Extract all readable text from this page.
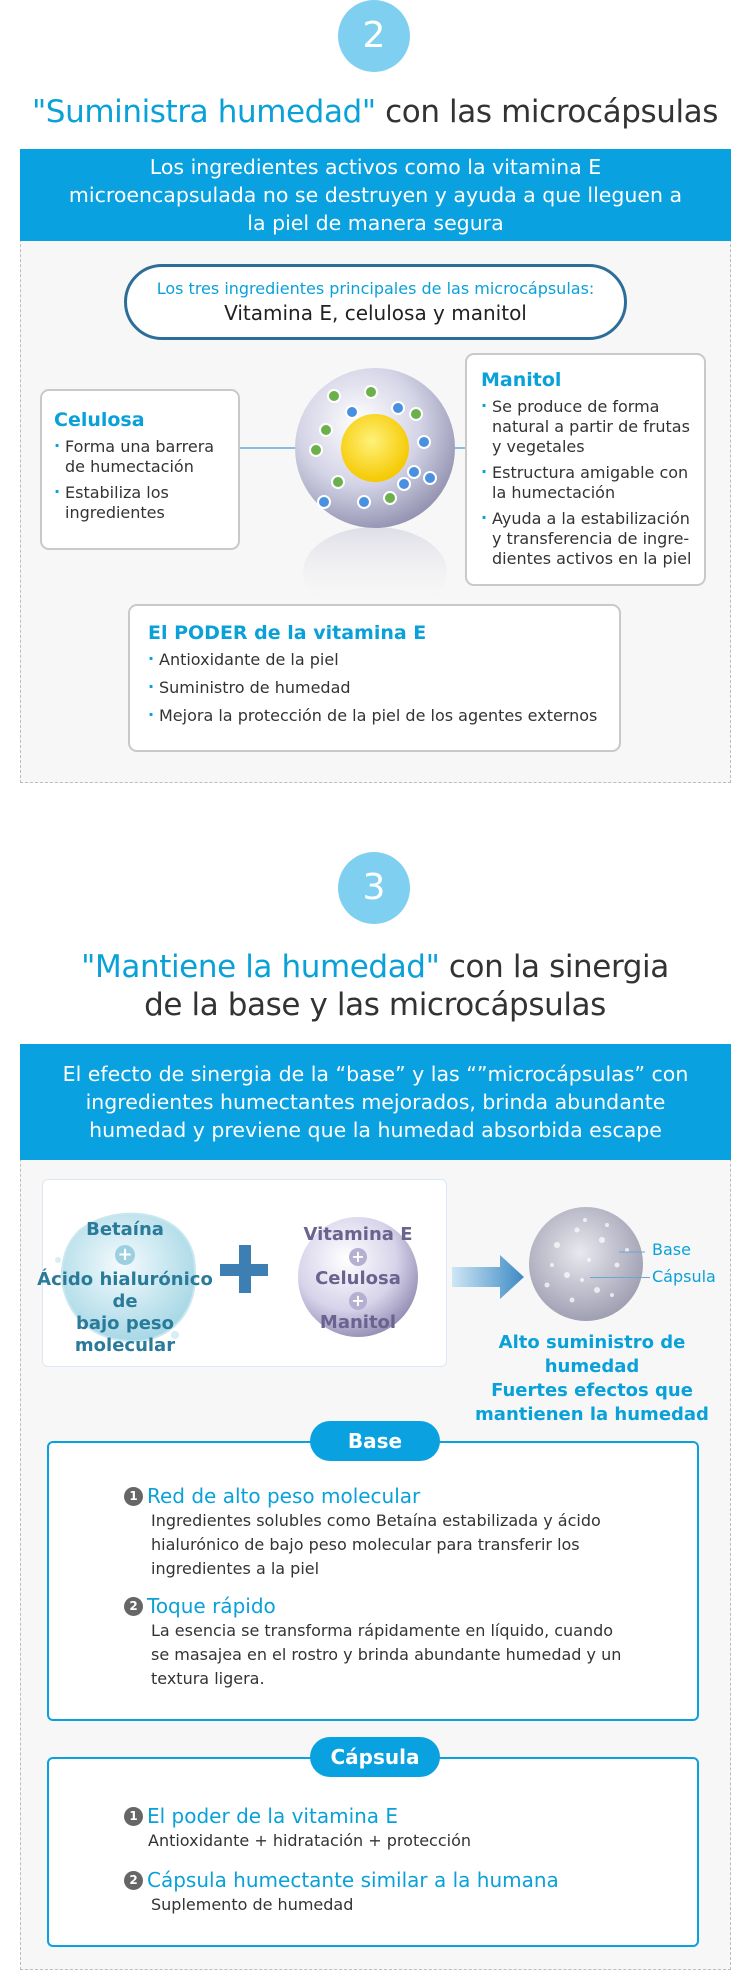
2
"Suministra humedad" con las microcápsulas
Los ingredientes activos como la vitamina E microencapsulada no se destruyen y ayuda a que lleguen a la piel de manera segura
Los tres ingredientes principales de las microcápsulas:
Vitamina E, celulosa y manitol
Celulosa
· Forma una barrera de humectación
· Estabiliza los ingredientes
Manitol
· Se produce de forma natural a partir de frutas y vegetales
· Estructura amigable con la humectación
· Ayuda a la estabilización y transferencia de ingre-dientes activos en la piel
El PODER de la vitamina E
· Antioxidante de la piel
· Suministro de humedad
· Mejora la protección de la piel de los agentes externos
3
"Mantiene la humedad" con la sinergia
de la base y las microcápsulas
El efecto de sinergia de la “base” y las “”microcápsulas” con ingredientes humectantes mejorados, brinda abundante humedad y previene que la humedad absorbida escape
Betaína
+
Ácido hialurónico de
bajo peso molecular
Vitamina E
+
Celulosa
+
Manitol
Base
Cápsula
Alto suministro de humedad
Fuertes efectos que
mantienen la humedad
Base
1 Red de alto peso molecular
Ingredientes solubles como Betaína estabilizada y ácido hialurónico de bajo peso molecular para transferir los ingredientes a la piel
2 Toque rápido
La esencia se transforma rápidamente en líquido, cuando se masajea en el rostro y brinda abundante humedad y un textura ligera.
Cápsula
1 El poder de la vitamina E
Antioxidante + hidratación + protección
2 Cápsula humectante similar a la humana
Suplemento de humedad
